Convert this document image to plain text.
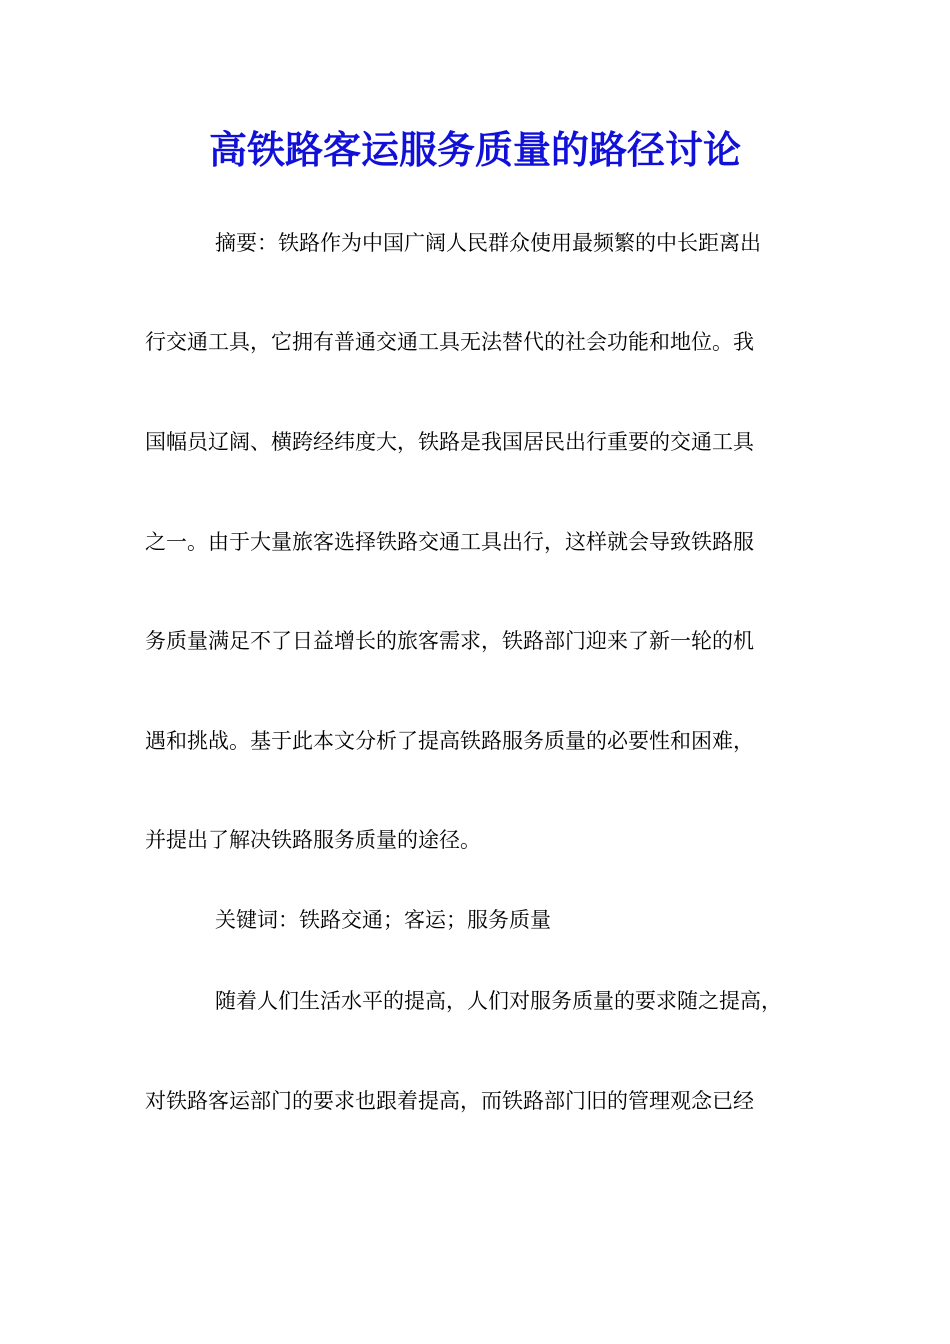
高铁路客运服务质量的路径讨论

摘要：铁路作为中国广阔人民群众使用最频繁的中长距离出

行交通工具，它拥有普通交通工具无法替代的社会功能和地位。我

国幅员辽阔、横跨经纬度大，铁路是我国居民出行重要的交通工具

之一。由于大量旅客选择铁路交通工具出行，这样就会导致铁路服

务质量满足不了日益增长的旅客需求，铁路部门迎来了新一轮的机

遇和挑战。基于此本文分析了提高铁路服务质量的必要性和困难，

并提出了解决铁路服务质量的途径。

关键词：铁路交通；客运；服务质量

随着人们生活水平的提高，人们对服务质量的要求随之提高，

对铁路客运部门的要求也跟着提高，而铁路部门旧的管理观念已经
